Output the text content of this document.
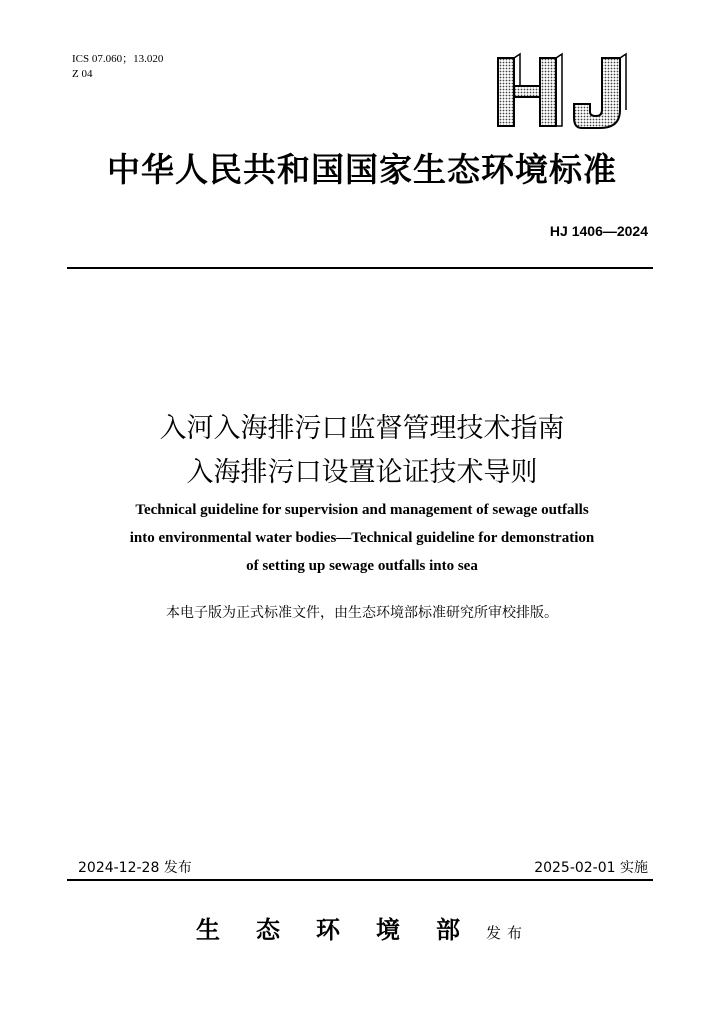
ICS 07.060；13.020
Z 04
HJ
中华人民共和国国家生态环境标准
HJ 1406—2024
入河入海排污口监督管理技术指南
入海排污口设置论证技术导则
Technical guideline for supervision and management of sewage outfalls
into environmental water bodies—Technical guideline for demonstration
of setting up sewage outfalls into sea
本电子版为正式标准文件，由生态环境部标准研究所审校排版。
2024-12-28 发布	2025-02-01 实施
生态环境部发布
